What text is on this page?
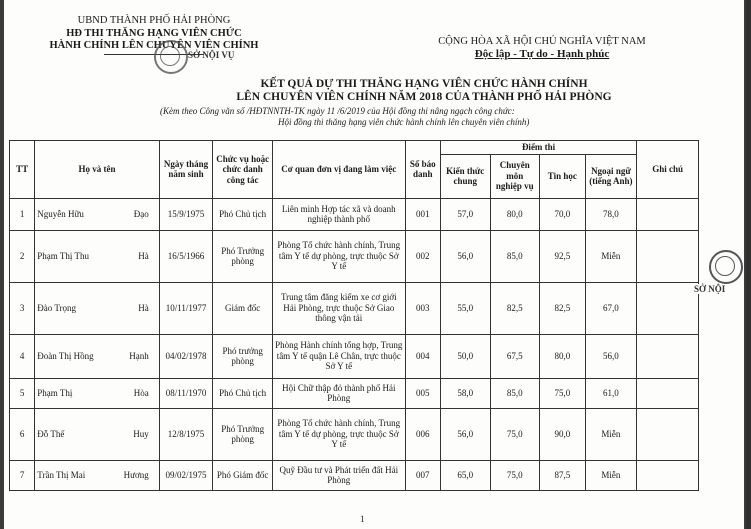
UBND THÀNH PHỐ HẢI PHÒNG
HĐ THI THĂNG HẠNG VIÊN CHỨC
HÀNH CHÍNH LÊN CHUYÊN VIÊN CHÍNH	CỘNG HÒA XÃ HỘI CHỦ NGHĨA VIỆT NAM
Độc lập - Tự do - Hạnh phúc
KẾT QUẢ DỰ THI THĂNG HẠNG VIÊN CHỨC HÀNH CHÍNH
LÊN CHUYÊN VIÊN CHÍNH NĂM 2018 CỦA THÀNH PHỐ HẢI PHÒNG
(Kèm theo Công văn số /HĐTNNTH-TK ngày 11 /6/2019 của Hội đồng thi nâng ngạch công chức:
Hội đồng thi thăng hạng viên chức hành chính lên chuyên viên chính)
SỞ NỘI VỤ
TT	Họ và tên	Ngày tháng năm sinh	Chức vụ hoặc chức danh công tác	Cơ quan đơn vị đang làm việc	Số báo danh	Điểm thi				Ghi chú
						Kiến thức chung	Chuyên môn nghiệp vụ	Tin học	Ngoại ngữ (tiếng Anh)	
1	Nguyễn Hữu Đạo	15/9/1975	Phó Chủ tịch	Liên minh Hợp tác xã và doanh nghiệp thành phố	001	57,0	80,0	70,0	78,0	
2	Phạm Thị Thu Hà	16/5/1966	Phó Trưởng phòng	Phòng Tổ chức hành chính, Trung tâm Y tế dự phòng, trực thuộc Sở Y tế	002	56,0	85,0	92,5	Miễn	
3	Đào Trọng Hà	10/11/1977	Giám đốc	Trung tâm đăng kiểm xe cơ giới Hải Phòng, trực thuộc Sở Giao thông vận tải	003	55,0	82,5	82,5	67,0	
4	Đoàn Thị Hồng Hạnh	04/02/1978	Phó trưởng phòng	Phòng Hành chính tổng hợp, Trung tâm Y tế quận Lê Chân, trực thuộc Sở Y tế	004	50,0	67,5	80,0	56,0	
5	Phạm Thị Hòa	08/11/1970	Phó Chủ tịch	Hội Chữ thập đỏ thành phố Hải Phòng	005	58,0	85,0	75,0	61,0	
6	Đỗ Thế Huy	12/8/1975	Phó Trưởng phòng	Phòng Tổ chức hành chính, Trung tâm Y tế dự phòng, trực thuộc Sở Y tế	006	56,0	75,0	90,0	Miễn	
7	Trần Thị Mai Hương	09/02/1975	Phó Giám đốc	Quỹ Đầu tư và Phát triển đất Hải Phòng	007	65,0	75,0	87,5	Miễn	
SỞ NỘI
1
